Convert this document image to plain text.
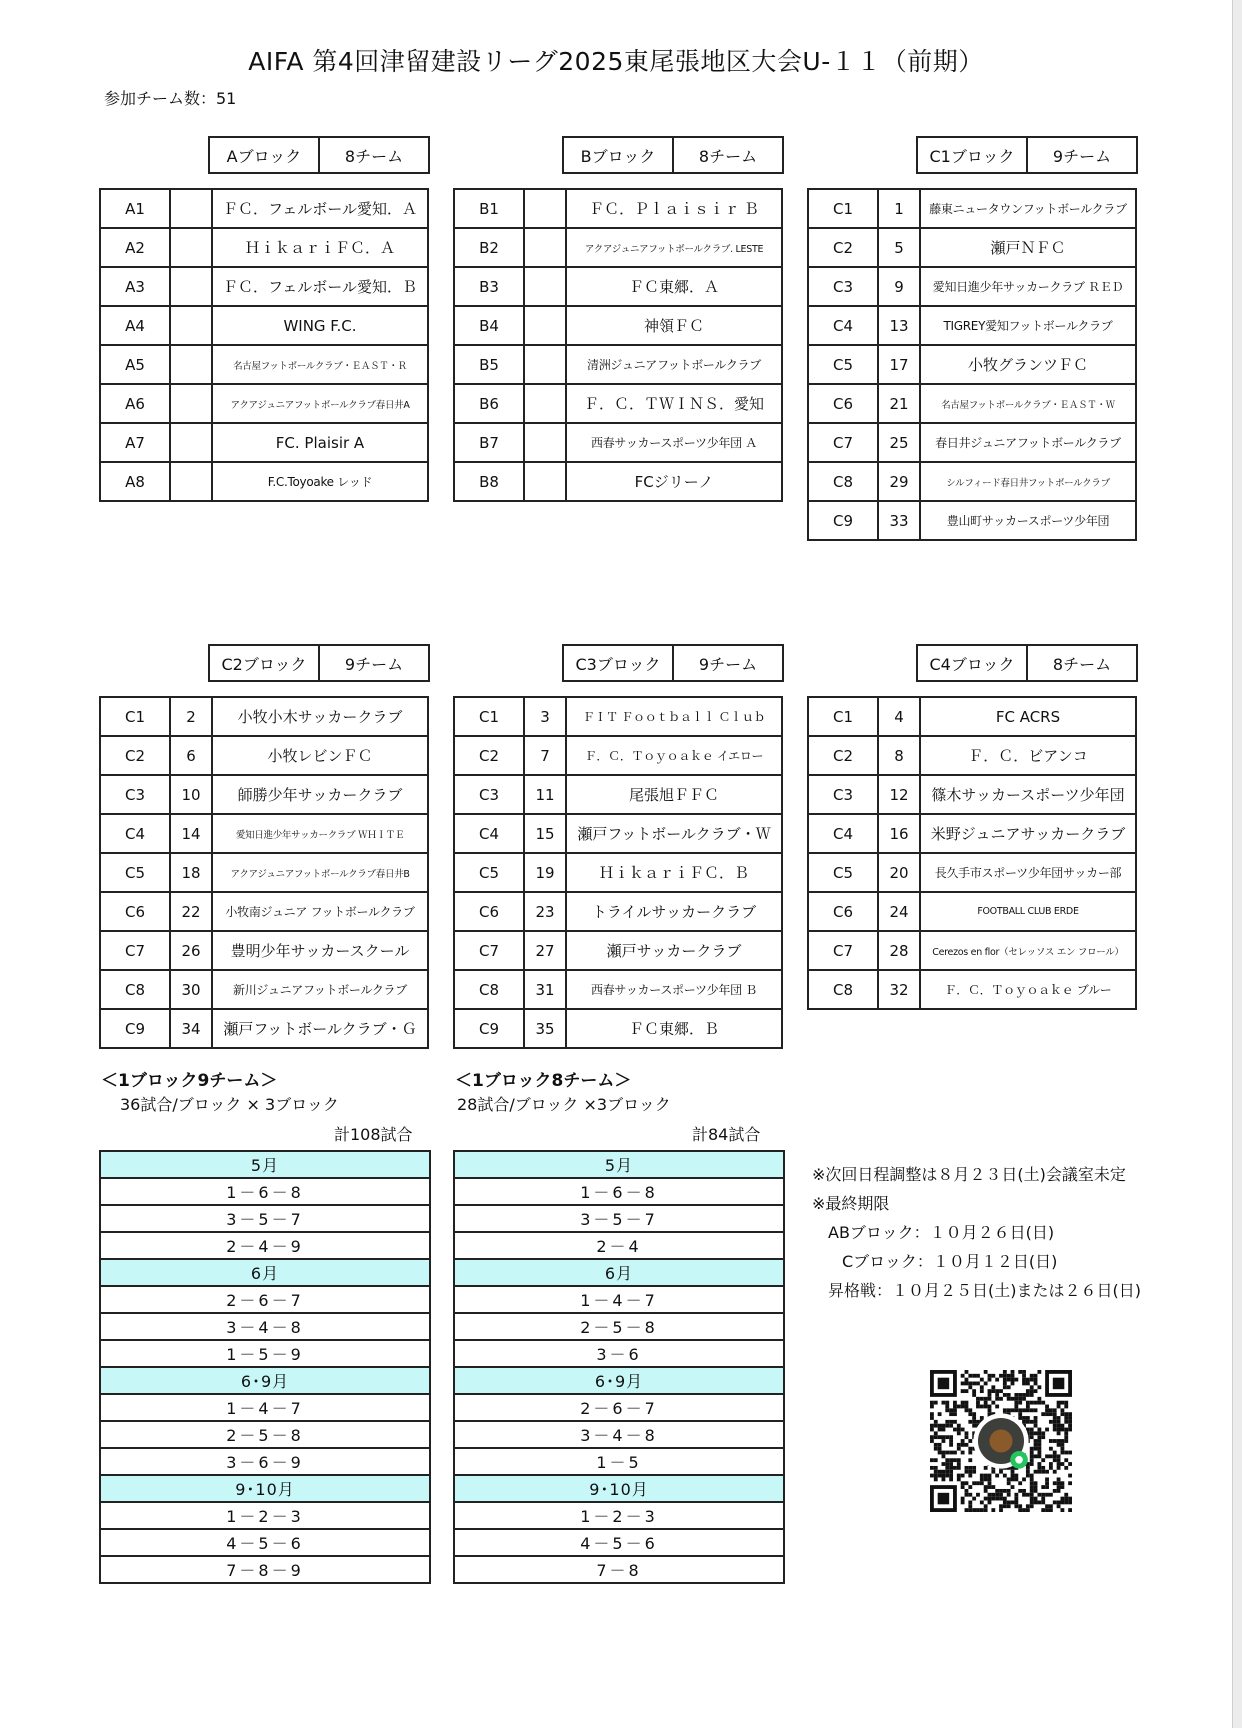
AIFA 第4回津留建設リーグ2025東尾張地区大会U-１１（前期）
参加チーム数：51
Aブロック	8チーム	Bブロック	8チーム	C1ブロック	9チーム
C2ブロック	9チーム	C3ブロック	9チーム	C4ブロック	8チーム
A1		ＦＣ．フェルボール愛知．Ａ
A2		ＨｉｋａｒｉＦＣ．Ａ
A3		ＦＣ．フェルボール愛知．Ｂ
A4		WING F.C.
A5		名古屋フットボールクラブ・ＥＡＳＴ・Ｒ
A6		アクアジュニアフットボールクラブ春日井A
A7		FC. Plaisir A
A8		F.C.Toyoake レッド
B1		ＦＣ．Ｐｌａｉｓｉｒ Ｂ
B2		アクアジュニアフットボールクラブ. LESTE
B3		ＦＣ東郷．Ａ
B4		神領ＦＣ
B5		清洲ジュニアフットボールクラブ
B6		Ｆ．Ｃ．ＴＷＩＮＳ．愛知
B7		西春サッカースポーツ少年団 Ａ
B8		FCジリーノ
C1	1	藤東ニュータウンフットボールクラブ
C2	5	瀬戸ＮＦＣ
C3	9	愛知日進少年サッカークラブ ＲＥＤ
C4	13	TIGREY愛知フットボールクラブ
C5	17	小牧グランツＦＣ
C6	21	名古屋フットボールクラブ・ＥＡＳＴ・Ｗ
C7	25	春日井ジュニアフットボールクラブ
C8	29	シルフィード春日井フットボールクラブ
C9	33	豊山町サッカースポーツ少年団
C1	2	小牧小木サッカークラブ
C2	6	小牧レビンＦＣ
C3	10	師勝少年サッカークラブ
C4	14	愛知日進少年サッカークラブ ＷＨＩＴＥ
C5	18	アクアジュニアフットボールクラブ春日井B
C6	22	小牧南ジュニア フットボールクラブ
C7	26	豊明少年サッカースクール
C8	30	新川ジュニアフットボールクラブ
C9	34	瀬戸フットボールクラブ・Ｇ
C1	3	ＦＩＴ Ｆｏｏｔｂａｌｌ Ｃｌｕｂ
C2	7	Ｆ．Ｃ．Ｔｏｙｏａｋｅ イエロー
C3	11	尾張旭ＦＦＣ
C4	15	瀬戸フットボールクラブ・Ｗ
C5	19	ＨｉｋａｒｉＦＣ．Ｂ
C6	23	トライルサッカークラブ
C7	27	瀬戸サッカークラブ
C8	31	西春サッカースポーツ少年団 Ｂ
C9	35	ＦＣ東郷．Ｂ
C1	4	FC ACRS
C2	8	Ｆ．Ｃ．ビアンコ
C3	12	篠木サッカースポーツ少年団
C4	16	米野ジュニアサッカークラブ
C5	20	長久手市スポーツ少年団サッカー部
C6	24	FOOTBALL CLUB ERDE
C7	28	Cerezos en flor（セレッソス エン フロール）
C8	32	Ｆ．Ｃ．Ｔｏｙｏａｋｅ ブルー
＜1ブロック9チーム＞
36試合/ブロック × 3ブロック
計108試合
＜1ブロック8チーム＞
28試合/ブロック ×3ブロック
計84試合
5月
1－6－8
3－5－7
2－4－9
6月
2－6－7
3－4－8
1－5－9
6･9月
1－4－7
2－5－8
3－6－9
9･10月
1－2－3
4－5－6
7－8－9
5月
1－6－8
3－5－7
2－4
6月
1－4－7
2－5－8
3－6
6･9月
2－6－7
3－4－8
1－5
9･10月
1－2－3
4－5－6
7－8
※次回日程調整は８月２３日(土)会議室未定
※最終期限
ABブロック：１０月２６日(日)
Cブロック：１０月１２日(日)
昇格戦：１０月２５日(土)または２６日(日)
